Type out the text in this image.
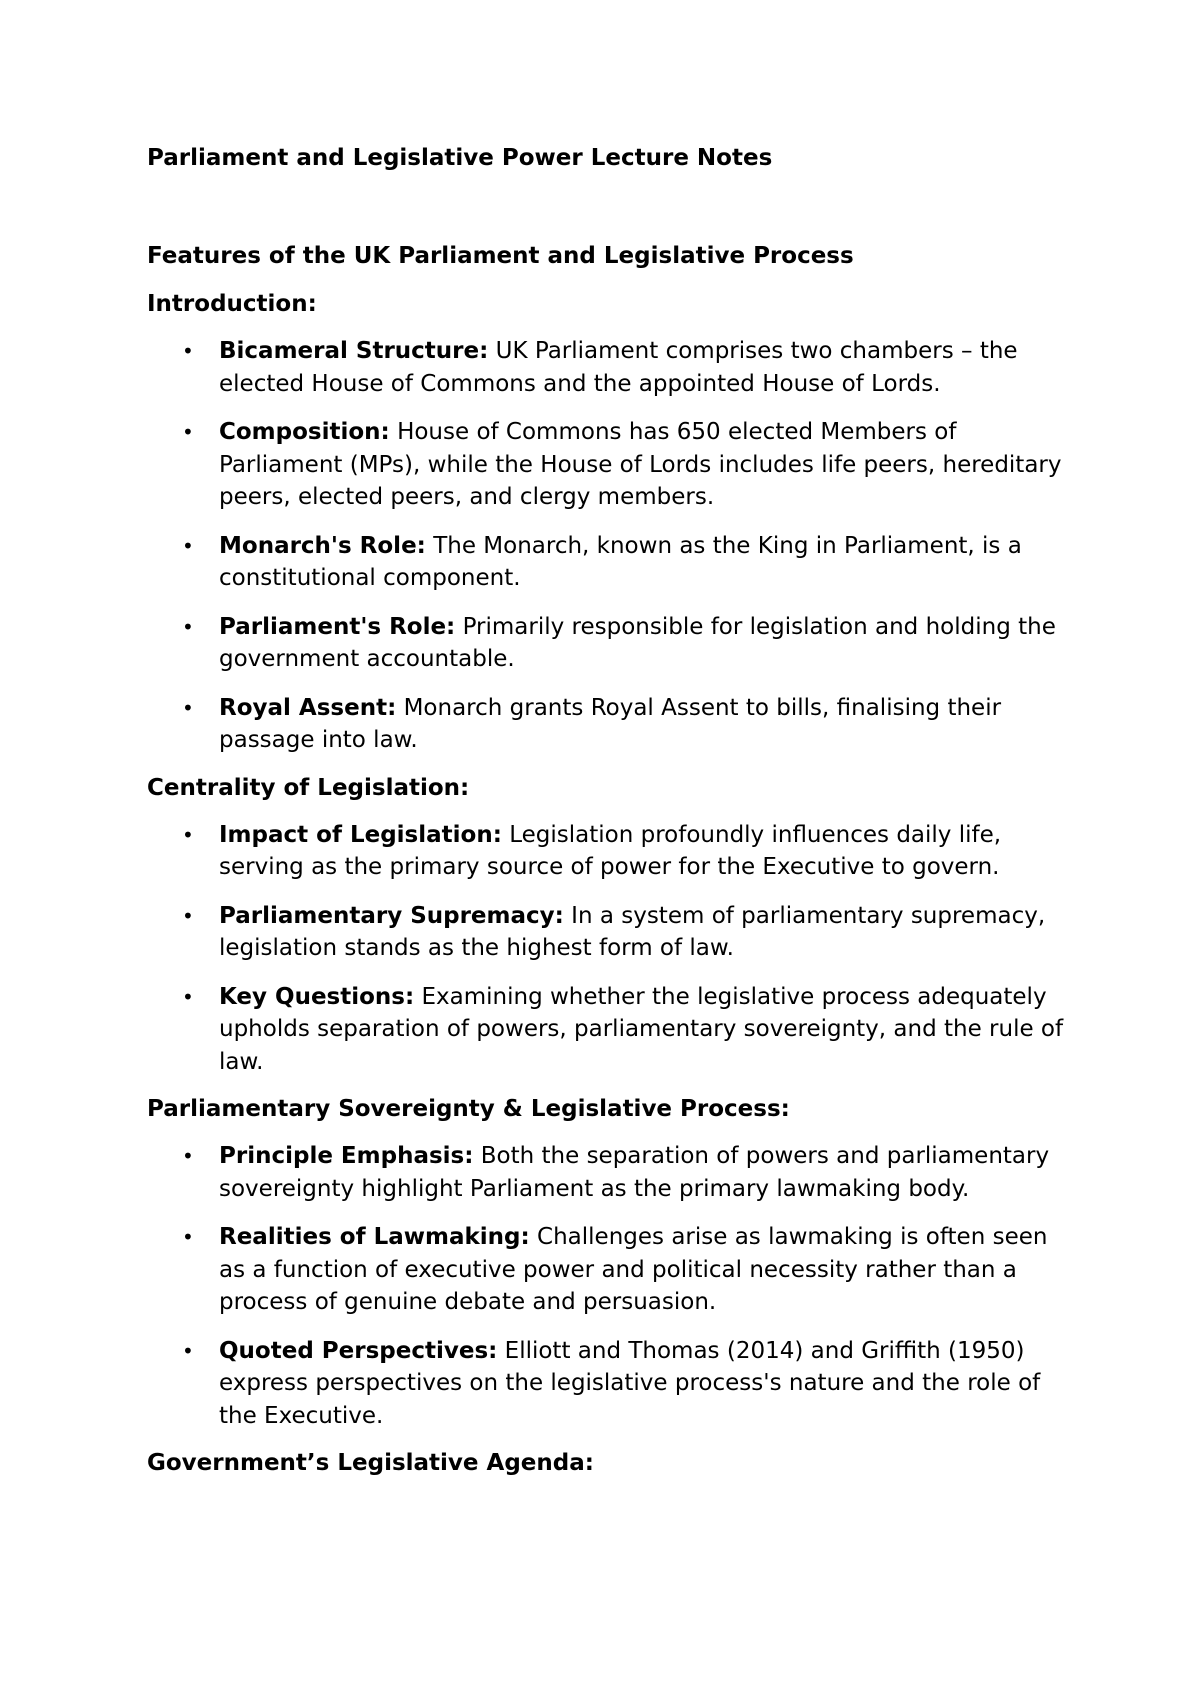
Parliament and Legislative Power Lecture Notes
Features of the UK Parliament and Legislative Process
Introduction:
• Bicameral Structure: UK Parliament comprises two chambers – the elected House of Commons and the appointed House of Lords.
• Composition: House of Commons has 650 elected Members of Parliament (MPs), while the House of Lords includes life peers, hereditary peers, elected peers, and clergy members.
• Monarch's Role: The Monarch, known as the King in Parliament, is a constitutional component.
• Parliament's Role: Primarily responsible for legislation and holding the government accountable.
• Royal Assent: Monarch grants Royal Assent to bills, finalising their passage into law.
Centrality of Legislation:
• Impact of Legislation: Legislation profoundly influences daily life, serving as the primary source of power for the Executive to govern.
• Parliamentary Supremacy: In a system of parliamentary supremacy, legislation stands as the highest form of law.
• Key Questions: Examining whether the legislative process adequately upholds separation of powers, parliamentary sovereignty, and the rule of law.
Parliamentary Sovereignty & Legislative Process:
• Principle Emphasis: Both the separation of powers and parliamentary sovereignty highlight Parliament as the primary lawmaking body.
• Realities of Lawmaking: Challenges arise as lawmaking is often seen as a function of executive power and political necessity rather than a process of genuine debate and persuasion.
• Quoted Perspectives: Elliott and Thomas (2014) and Griffith (1950) express perspectives on the legislative process's nature and the role of the Executive.
Government’s Legislative Agenda:
